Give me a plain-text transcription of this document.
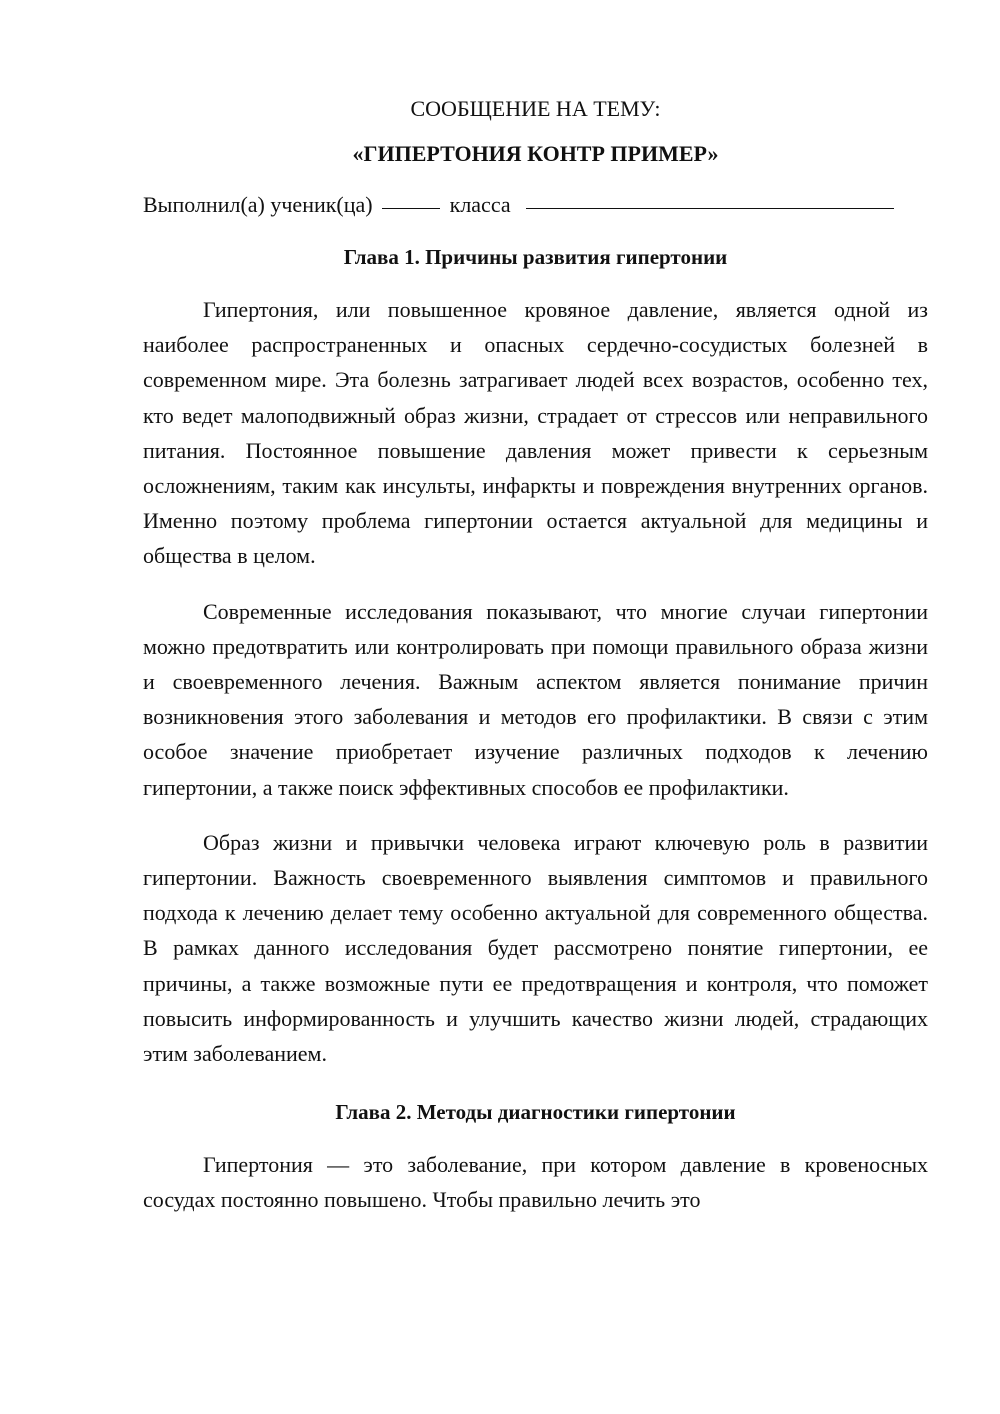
СООБЩЕНИЕ НА ТЕМУ:

«ГИПЕРТОНИЯ КОНТР ПРИМЕР»

Выполнил(а) ученик(ца)	класса
Глава 1. Причины развития гипертонии

Гипертония, или повышенное кровяное давление, является одной из наиболее распространенных и опасных сердечно-сосудистых болезней в современном мире. Эта болезнь затрагивает людей всех возрастов, особенно тех, кто ведет малоподвижный образ жизни, страдает от стрессов или неправильного питания. Постоянное повышение давления может привести к серьезным осложнениям, таким как инсульты, инфаркты и повреждения внутренних органов. Именно поэтому проблема гипертонии остается актуальной для медицины и общества в целом.

Современные исследования показывают, что многие случаи гипертонии можно предотвратить или контролировать при помощи правильного образа жизни и своевременного лечения. Важным аспектом является понимание причин возникновения этого заболевания и методов его профилактики. В связи с этим особое значение приобретает изучение различных подходов к лечению гипертонии, а также поиск эффективных способов ее профилактики.

Образ жизни и привычки человека играют ключевую роль в развитии гипертонии. Важность своевременного выявления симптомов и правильного подхода к лечению делает тему особенно актуальной для современного общества. В рамках данного исследования будет рассмотрено понятие гипертонии, ее причины, а также возможные пути ее предотвращения и контроля, что поможет повысить информированность и улучшить качество жизни людей, страдающих этим заболеванием.

Глава 2. Методы диагностики гипертонии

Гипертония — это заболевание, при котором давление в кровеносных сосудах постоянно повышено. Чтобы правильно лечить это
